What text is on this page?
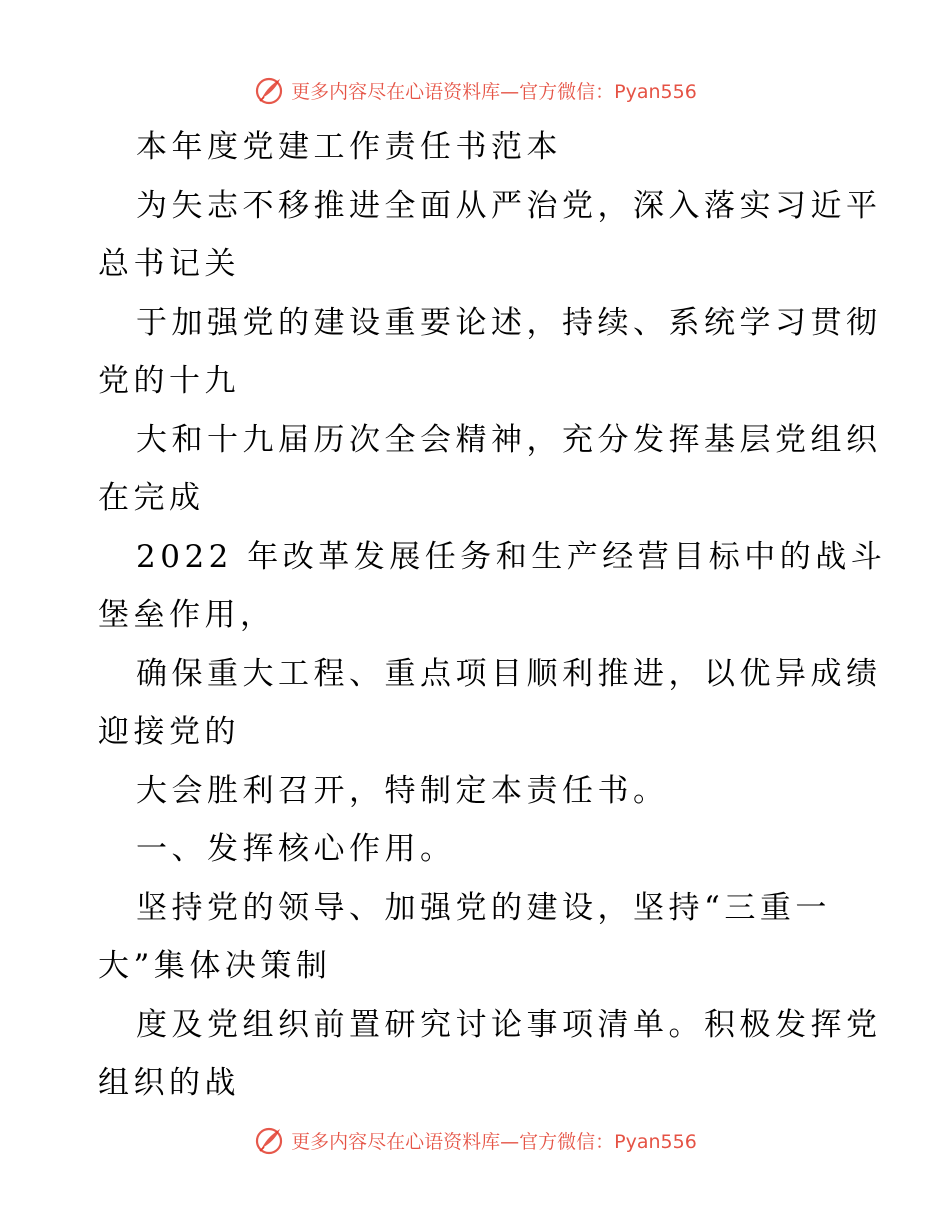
更多内容尽在心语资料库—官方微信：Pyan556
本年度党建工作责任书范本
为矢志不移推进全面从严治党，深入落实习近平
总书记关
于加强党的建设重要论述，持续、系统学习贯彻
党的十九
大和十九届历次全会精神，充分发挥基层党组织
在完成
2022 年改革发展任务和生产经营目标中的战斗
堡垒作用，
确保重大工程、重点项目顺利推进，以优异成绩
迎接党的
大会胜利召开，特制定本责任书。
一、发挥核心作用。
坚持党的领导、加强党的建设，坚持“三重一
大”集体决策制
度及党组织前置研究讨论事项清单。积极发挥党
组织的战
更多内容尽在心语资料库—官方微信：Pyan556
